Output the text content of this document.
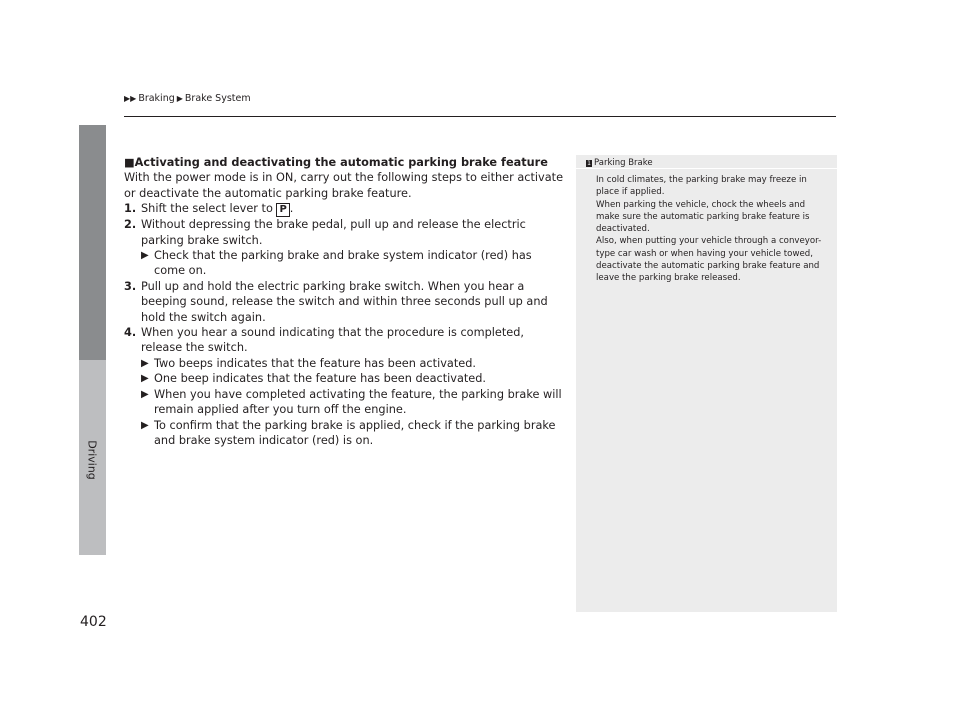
Driving
▶▶ Braking ▶ Brake System
■Activating and deactivating the automatic parking brake feature

With the power mode is in ON, carry out the following steps to either activate or deactivate the automatic parking brake feature.

1. Shift the select lever to P .
2. Without depressing the brake pedal, pull up and release the electric parking brake switch.
▶ Check that the parking brake and brake system indicator (red) has come on.
3. Pull up and hold the electric parking brake switch. When you hear a beeping sound, release the switch and within three seconds pull up and hold the switch again.
4. When you hear a sound indicating that the procedure is completed, release the switch.
▶ Two beeps indicates that the feature has been activated.
▶ One beep indicates that the feature has been deactivated.
▶ When you have completed activating the feature, the parking brake will remain applied after you turn off the engine.
▶ To confirm that the parking brake is applied, check if the parking brake and brake system indicator (red) is on.
1 Parking Brake

In cold climates, the parking brake may freeze in place if applied.

When parking the vehicle, chock the wheels and make sure the automatic parking brake feature is deactivated.

Also, when putting your vehicle through a conveyor-type car wash or when having your vehicle towed, deactivate the automatic parking brake feature and leave the parking brake released.

402
